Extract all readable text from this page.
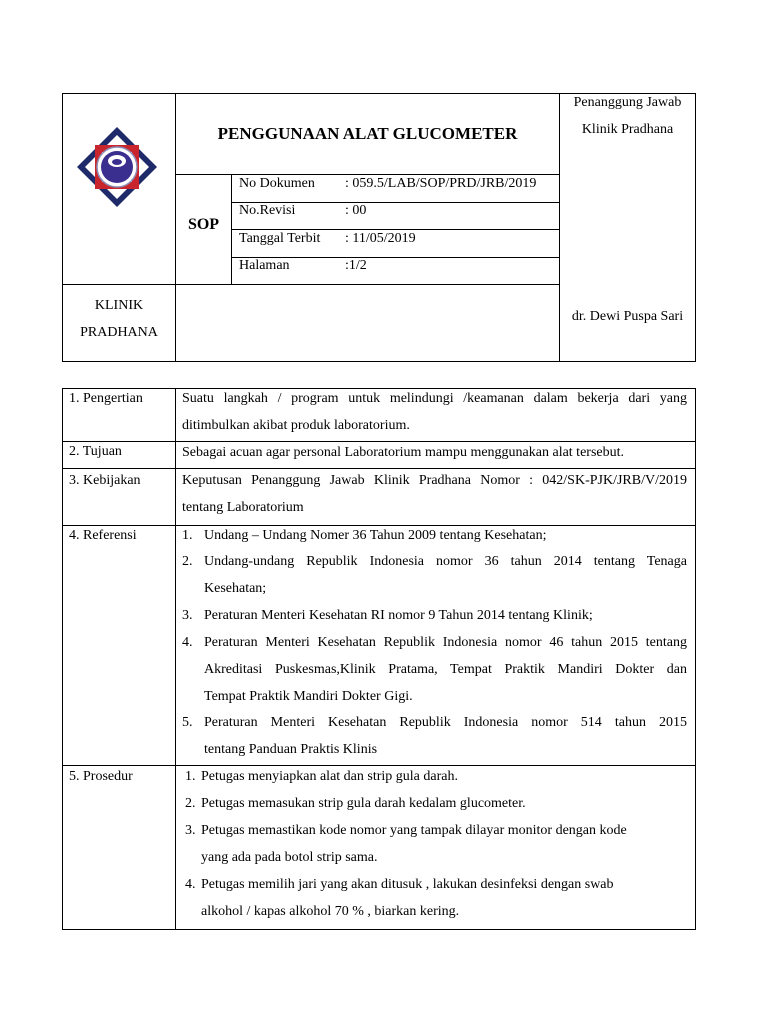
PENGGUNAAN ALAT GLUCOMETER
Penanggung Jawab
Klinik Pradhana
SOP
No Dokumen : 059.5/LAB/SOP/PRD/JRB/2019
No.Revisi	: 00
Tanggal Terbit : 11/05/2019
Halaman	:1/2
KLINIK
PRADHANA
dr. Dewi Puspa Sari
1. Pengertian	Suatu langkah / program untuk melindungi /keamanan dalam bekerja dari yang
ditimbulkan akibat produk laboratorium.
2. Tujuan	Sebagai acuan agar personal Laboratorium mampu menggunakan alat tersebut.
3. Kebijakan	Keputusan Penanggung Jawab Klinik Pradhana Nomor : 042/SK-PJK/JRB/V/2019
tentang Laboratorium
4. Referensi	1. Undang – Undang Nomer 36 Tahun 2009 tentang Kesehatan;
2. Undang-undang Republik Indonesia nomor 36 tahun 2014 tentang Tenaga
Kesehatan;
3. Peraturan Menteri Kesehatan RI nomor 9 Tahun 2014 tentang Klinik;
4. Peraturan Menteri Kesehatan Republik Indonesia nomor 46 tahun 2015 tentang
Akreditasi Puskesmas,Klinik Pratama, Tempat Praktik Mandiri Dokter dan
Tempat Praktik Mandiri Dokter Gigi.
5. Peraturan Menteri Kesehatan Republik Indonesia nomor 514 tahun 2015
tentang Panduan Praktis Klinis
5. Prosedur	1. Petugas menyiapkan alat dan strip gula darah.
2. Petugas memasukan strip gula darah kedalam glucometer.
3. Petugas memastikan kode nomor yang tampak dilayar monitor dengan kode
yang ada pada botol strip sama.
4. Petugas memilih jari yang akan ditusuk , lakukan desinfeksi dengan swab
alkohol / kapas alkohol 70 % , biarkan kering.
